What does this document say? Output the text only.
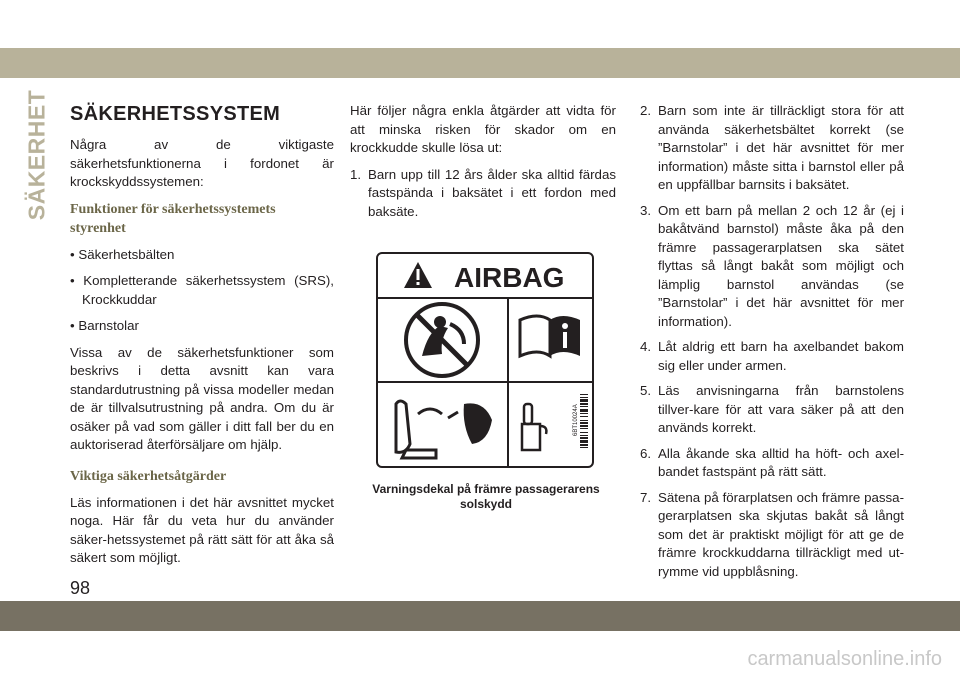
SÄKERHET SÄKERHETSSYSTEM

Några av de viktigaste säkerhetsfunktionerna i fordonet är krockskyddssystemen:

Funktioner för säkerhetssystemets styrenhet

• Säkerhetsbälten

• Kompletterande säkerhetssystem (SRS), Krockkuddar

• Barnstolar

Vissa av de säkerhetsfunktioner som beskrivs i detta avsnitt kan vara standardutrustning på vissa modeller medan de är tillvalsutrustning på andra. Om du är osäker på vad som gäller i ditt fall ber du en auktoriserad återförsäljare om hjälp.

Viktiga säkerhetsåtgärder

Läs informationen i det här avsnittet mycket noga. Här får du veta hur du använder säker-hetssystemet på rätt sätt för att åka så säkert som möjligt.

Här följer några enkla åtgärder att vidta för att minska risken för skador om en krockkudde skulle lösa ut:

1. Barn upp till 12 års ålder ska alltid färdas fastspända i baksätet i ett fordon med baksäte.
AIRBAG
6BT10024A
Varningsdekal på främre passagerarens solskydd
2. Barn som inte är tillräckligt stora för att använda säkerhetsbältet korrekt (se ”Barnstolar” i det här avsnittet för mer information) måste sitta i barnstol eller på en uppfällbar barnsits i baksätet.
3. Om ett barn på mellan 2 och 12 år (ej i bakåtvänd barnstol) måste åka på den främre passagerarplatsen ska sätet flyttas så långt bakåt som möjligt och lämplig barnstol användas (se ”Barnstolar” i det här avsnittet för mer information).
4. Låt aldrig ett barn ha axelbandet bakom sig eller under armen.
5. Läs anvisningarna från barnstolens tillver-kare för att vara säker på att den används korrekt.
6. Alla åkande ska alltid ha höft- och axel-bandet fastspänt på rätt sätt.
7. Sätena på förarplatsen och främre passa-gerarplatsen ska skjutas bakåt så långt som det är praktiskt möjligt för att ge de främre krockkuddarna tillräckligt med ut-rymme vid uppblåsning.
98
carmanualsonline.info
